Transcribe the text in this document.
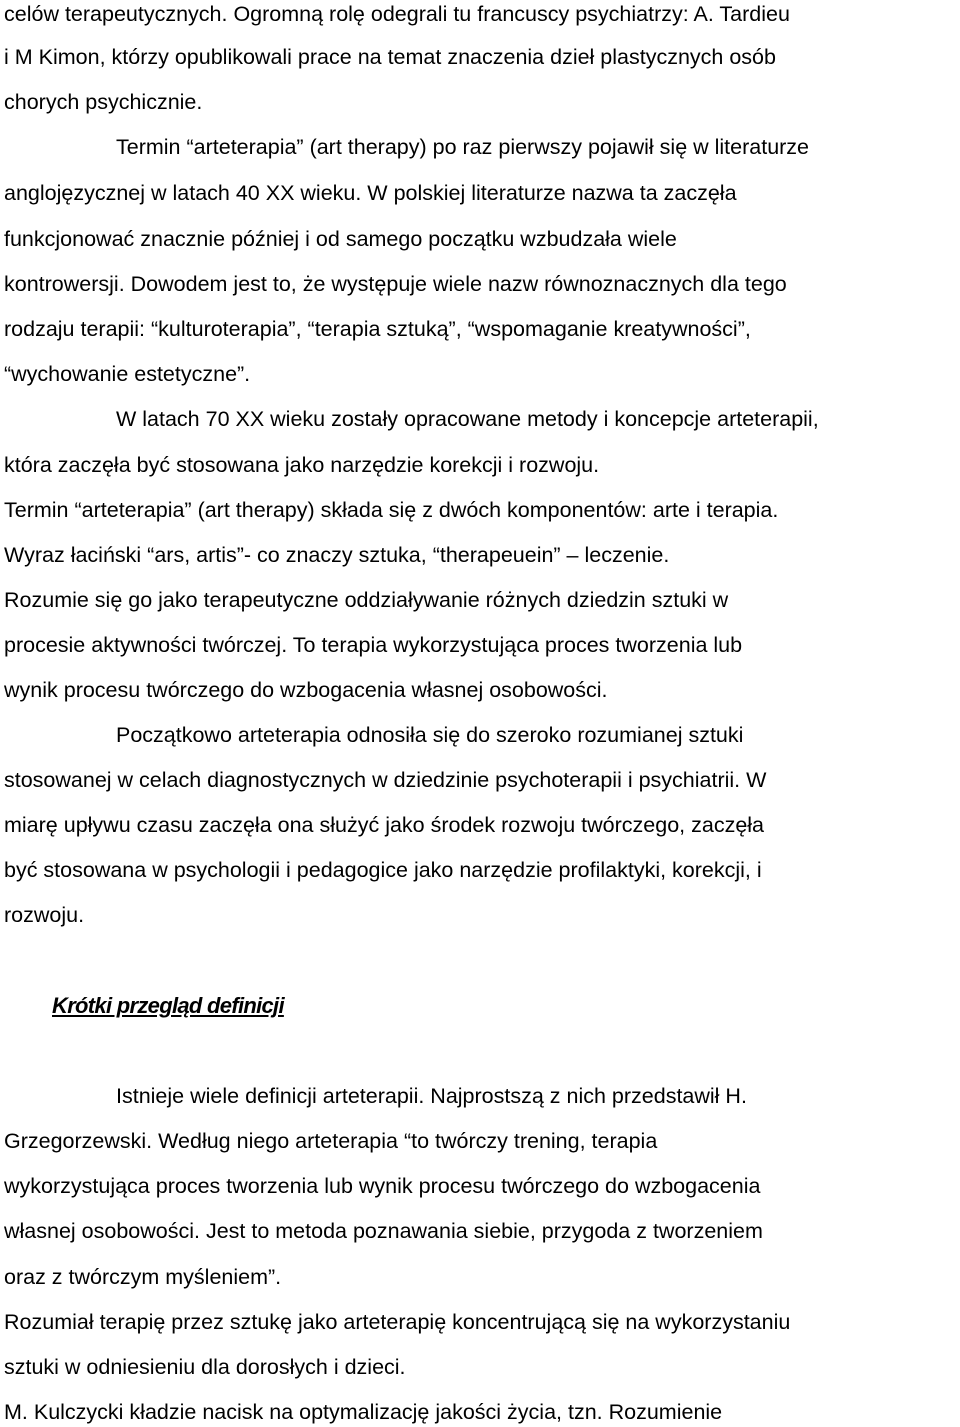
celów terapeutycznych. Ogromną rolę odegrali tu francuscy psychiatrzy: A. Tardieu
i M Kimon, którzy opublikowali prace na temat znaczenia dzieł plastycznych osób
chorych psychicznie.
Termin “arteterapia” (art therapy) po raz pierwszy pojawił się w literaturze
anglojęzycznej w latach 40 XX wieku. W polskiej literaturze nazwa ta zaczęła
funkcjonować znacznie później i od samego początku wzbudzała wiele
kontrowersji. Dowodem jest to, że występuje wiele nazw równoznacznych dla tego
rodzaju terapii: “kulturoterapia”, “terapia sztuką”, “wspomaganie kreatywności”,
“wychowanie estetyczne”.
W latach 70 XX wieku zostały opracowane metody i koncepcje arteterapii,
która zaczęła być stosowana jako narzędzie korekcji i rozwoju.
Termin “arteterapia” (art therapy) składa się z dwóch komponentów: arte i terapia.
Wyraz łaciński “ars, artis”- co znaczy sztuka, “therapeuein” – leczenie.
Rozumie się go jako terapeutyczne oddziaływanie różnych dziedzin sztuki w
procesie aktywności twórczej. To terapia wykorzystująca proces tworzenia lub
wynik procesu twórczego do wzbogacenia własnej osobowości.
Początkowo arteterapia odnosiła się do szeroko rozumianej sztuki
stosowanej w celach diagnostycznych w dziedzinie psychoterapii i psychiatrii. W
miarę upływu czasu zaczęła ona służyć jako środek rozwoju twórczego, zaczęła
być stosowana w psychologii i pedagogice jako narzędzie profilaktyki, korekcji, i
rozwoju.
Krótki przegląd definicji
Istnieje wiele definicji arteterapii. Najprostszą z nich przedstawił H.
Grzegorzewski. Według niego arteterapia “to twórczy trening, terapia
wykorzystująca proces tworzenia lub wynik procesu twórczego do wzbogacenia
własnej osobowości. Jest to metoda poznawania siebie, przygoda z tworzeniem
oraz z twórczym myśleniem”.
Rozumiał terapię przez sztukę jako arteterapię koncentrującą się na wykorzystaniu
sztuki w odniesieniu dla dorosłych i dzieci.
M. Kulczycki kładzie nacisk na optymalizację jakości życia, tzn. Rozumienie
